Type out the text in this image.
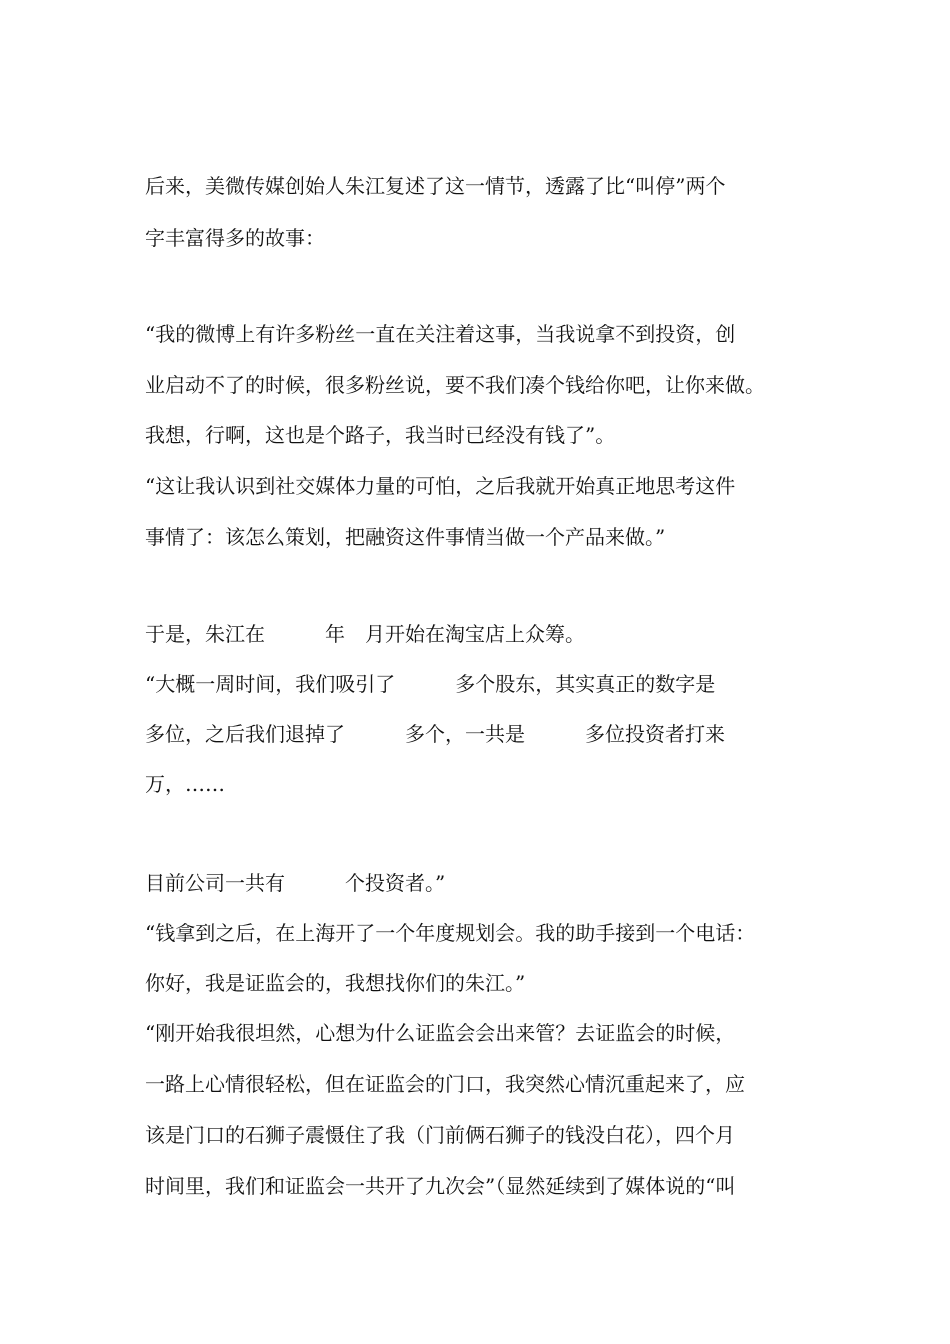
后来，美微传媒创始人朱江复述了这一情节，透露了比“叫停”两个
字丰富得多的故事：
“我的微博上有许多粉丝一直在关注着这事，当我说拿不到投资，创
业启动不了的时候，很多粉丝说，要不我们凑个钱给你吧，让你来做。
我想，行啊，这也是个路子，我当时已经没有钱了”。
“这让我认识到社交媒体力量的可怕，之后我就开始真正地思考这件
事情了：该怎么策划，把融资这件事情当做一个产品来做。”
于是，朱江在　　　年　月开始在淘宝店上众筹。
“大概一周时间，我们吸引了　　　多个股东，其实真正的数字是
多位，之后我们退掉了　　　多个，一共是　　　多位投资者打来
万，……
目前公司一共有　　　个投资者。”
“钱拿到之后，在上海开了一个年度规划会。我的助手接到一个电话：
你好，我是证监会的，我想找你们的朱江。”
“刚开始我很坦然，心想为什么证监会会出来管？去证监会的时候，
一路上心情很轻松，但在证监会的门口，我突然心情沉重起来了，应
该是门口的石狮子震慑住了我（门前俩石狮子的钱没白花），四个月
时间里，我们和证监会一共开了九次会”（显然延续到了媒体说的“叫
